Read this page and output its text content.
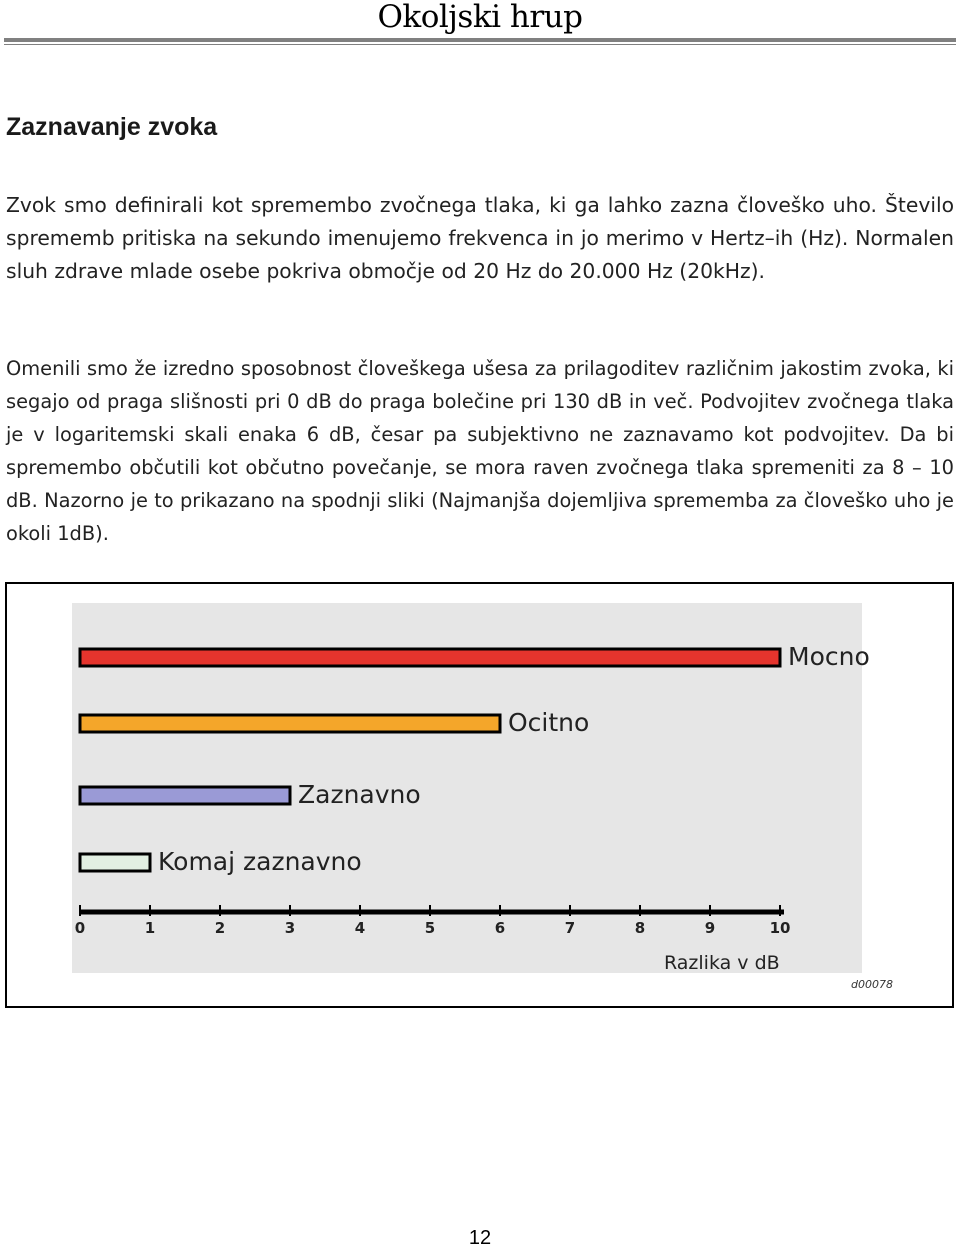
Okoljski hrup
Zaznavanje zvoka

Zvok smo definirali kot spremembo zvočnega tlaka, ki ga lahko zazna človeško uho. Število sprememb pritiska na sekundo imenujemo frekvenca in jo merimo v Hertz–ih (Hz). Normalen sluh zdrave mlade osebe pokriva območje od 20 Hz do 20.000 Hz (20kHz).

Omenili smo že izredno sposobnost človeškega ušesa za prilagoditev različnim jakostim zvoka, ki segajo od praga slišnosti pri 0 dB do praga bolečine pri 130 dB in več. Podvojitev zvočnega tlaka je v logaritemski skali enaka 6 dB, česar pa subjektivno ne zaznavamo kot podvojitev. Da bi spremembo občutili kot občutno povečanje, se mora raven zvočnega tlaka spremeniti za 8 – 10 dB. Nazorno je to prikazano na spodnji sliki (Najmanjša dojemljiva sprememba za človeško uho je okoli 1dB).

0	1	2	3	4	5	6	7	8	9	10
Mocno
Ocitno
Zaznavno
Komaj zaznavno
Razlika v dB
d00078
12
